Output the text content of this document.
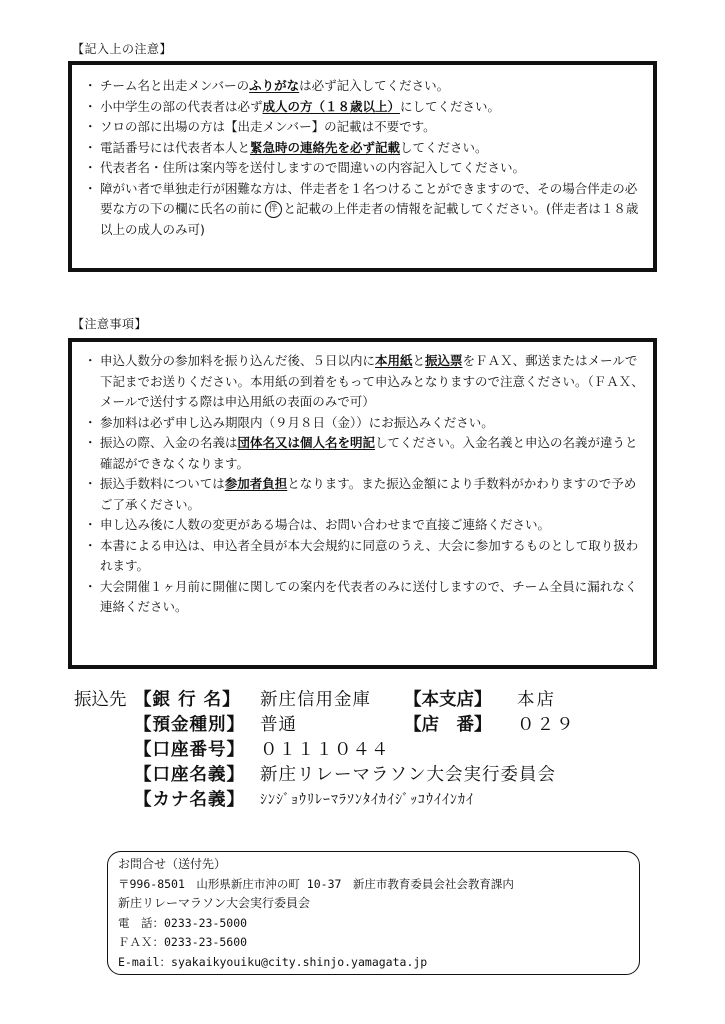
【記入上の注意】
・ チーム名と出走メンバーのふりがなは必ず記入してください。
・ 小中学生の部の代表者は必ず成人の方（１８歳以上）にしてください。
・ ソロの部に出場の方は【出走メンバー】の記載は不要です。
・ 電話番号には代表者本人と緊急時の連絡先を必ず記載してください。
・ 代表者名・住所は案内等を送付しますので間違いの内容記入してください。
・ 障がい者で単独走行が困難な方は、伴走者を１名つけることができますので、その場合伴走の必要な方の下の欄に氏名の前に 伴 と記載の上伴走者の情報を記載してください。(伴走者は１８歳以上の成人のみ可)
【注意事項】
・ 申込人数分の参加料を振り込んだ後、５日以内に本用紙と振込票をＦＡＸ、郵送またはメールで下記までお送りください。本用紙の到着をもって申込みとなりますので注意ください。（ＦＡＸ、メールで送付する際は申込用紙の表面のみで可）
・ 参加料は必ず申し込み期限内（９月８日（金））にお振込みください。
・ 振込の際、入金の名義は団体名又は個人名を明記してください。入金名義と申込の名義が違うと確認ができなくなります。
・ 振込手数料については参加者負担となります。また振込金額により手数料がかわりますので予めご了承ください。
・ 申し込み後に人数の変更がある場合は、お問い合わせまで直接ご連絡ください。
・ 本書による申込は、申込者全員が本大会規約に同意のうえ、大会に参加するものとして取り扱われます。
・ 大会開催１ヶ月前に開催に関しての案内を代表者のみに送付しますので、チーム全員に漏れなく連絡ください。
振込先 【銀 行 名】 新庄信用金庫 【本支店】 本店
【預金種別】 普通	【店　番】 ０２９
【口座番号】 ０１１１０４４
【口座名義】 新庄リレーマラソン大会実行委員会
【カナ名義】 ｼﾝｼﾞｮｳﾘﾚｰﾏﾗｿﾝﾀｲｶｲｼﾞｯｺｳｲｲﾝｶｲ
お問合せ（送付先）
〒996-8501　山形県新庄市沖の町 10-37　新庄市教育委員会社会教育課内
新庄リレーマラソン大会実行委員会
電　話：0233-23-5000
ＦＡＸ：0233-23-5600
E-mail：syakaikyouiku@city.shinjo.yamagata.jp
